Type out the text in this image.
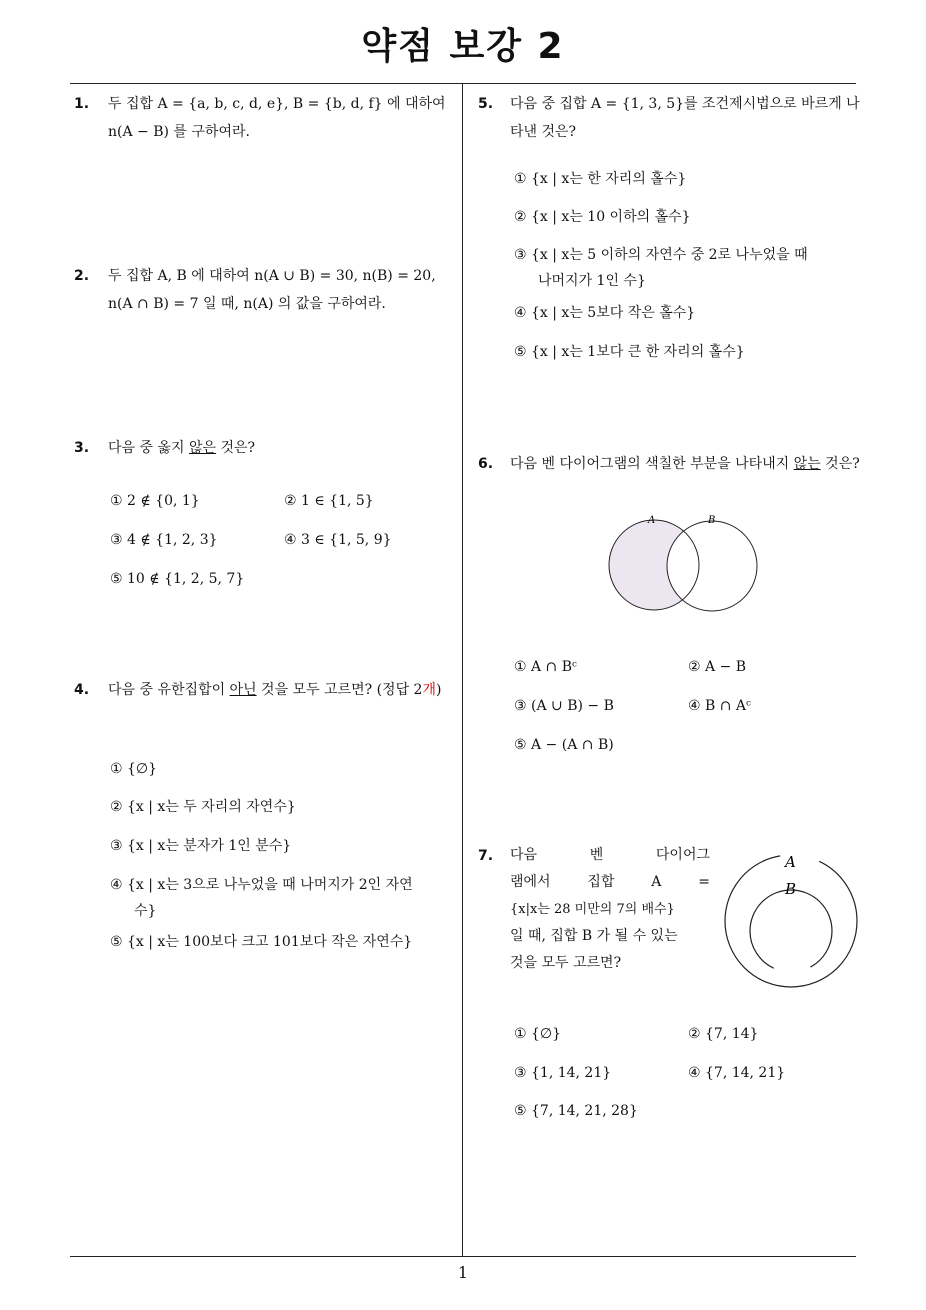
약점 보강 2
1. 두 집합 A = {a, b, c, d, e}, B = {b, d, f} 에 대하여 n(A − B) 를 구하여라.
2. 두 집합 A, B 에 대하여 n(A ∪ B) = 30, n(B) = 20, n(A ∩ B) = 7 일 때, n(A) 의 값을 구하여라.
3. 다음 중 옳지 않은 것은?
① 2 ∉ {0, 1}	② 1 ∈ {1, 5}
③ 4 ∉ {1, 2, 3}	④ 3 ∈ {1, 5, 9}
⑤ 10 ∉ {1, 2, 5, 7}
4. 다음 중 유한집합이 아닌 것을 모두 고르면? (정답 2개)
① {∅}
② {x | x는 두 자리의 자연수}
③ {x | x는 분자가 1인 분수}
④ {x | x는 3으로 나누었을 때 나머지가 2인 자연
수}
⑤ {x | x는 100보다 크고 101보다 작은 자연수}
5. 다음 중 집합 A = {1, 3, 5}를 조건제시법으로 바르게 나타낸 것은?
① {x | x는 한 자리의 홀수}
② {x | x는 10 이하의 홀수}
③ {x | x는 5 이하의 자연수 중 2로 나누었을 때
나머지가 1인 수}
④ {x | x는 5보다 작은 홀수}
⑤ {x | x는 1보다 큰 한 자리의 홀수}
6. 다음 벤 다이어그램의 색칠한 부분을 나타내지 않는 것은?
A	B
① A ∩ Bᶜ	② A − B
③ (A ∪ B) − B	④ B ∩ Aᶜ
⑤ A − (A ∩ B)
7. 다음 벤 다이어그
램에서 집합 A =
{x|x는 28 미만의 7의 배수}
일 때, 집합 B 가 될 수 있는
것을 모두 고르면?
A
B
① {∅}	② {7, 14}
③ {1, 14, 21}	④ {7, 14, 21}
⑤ {7, 14, 21, 28}
1
